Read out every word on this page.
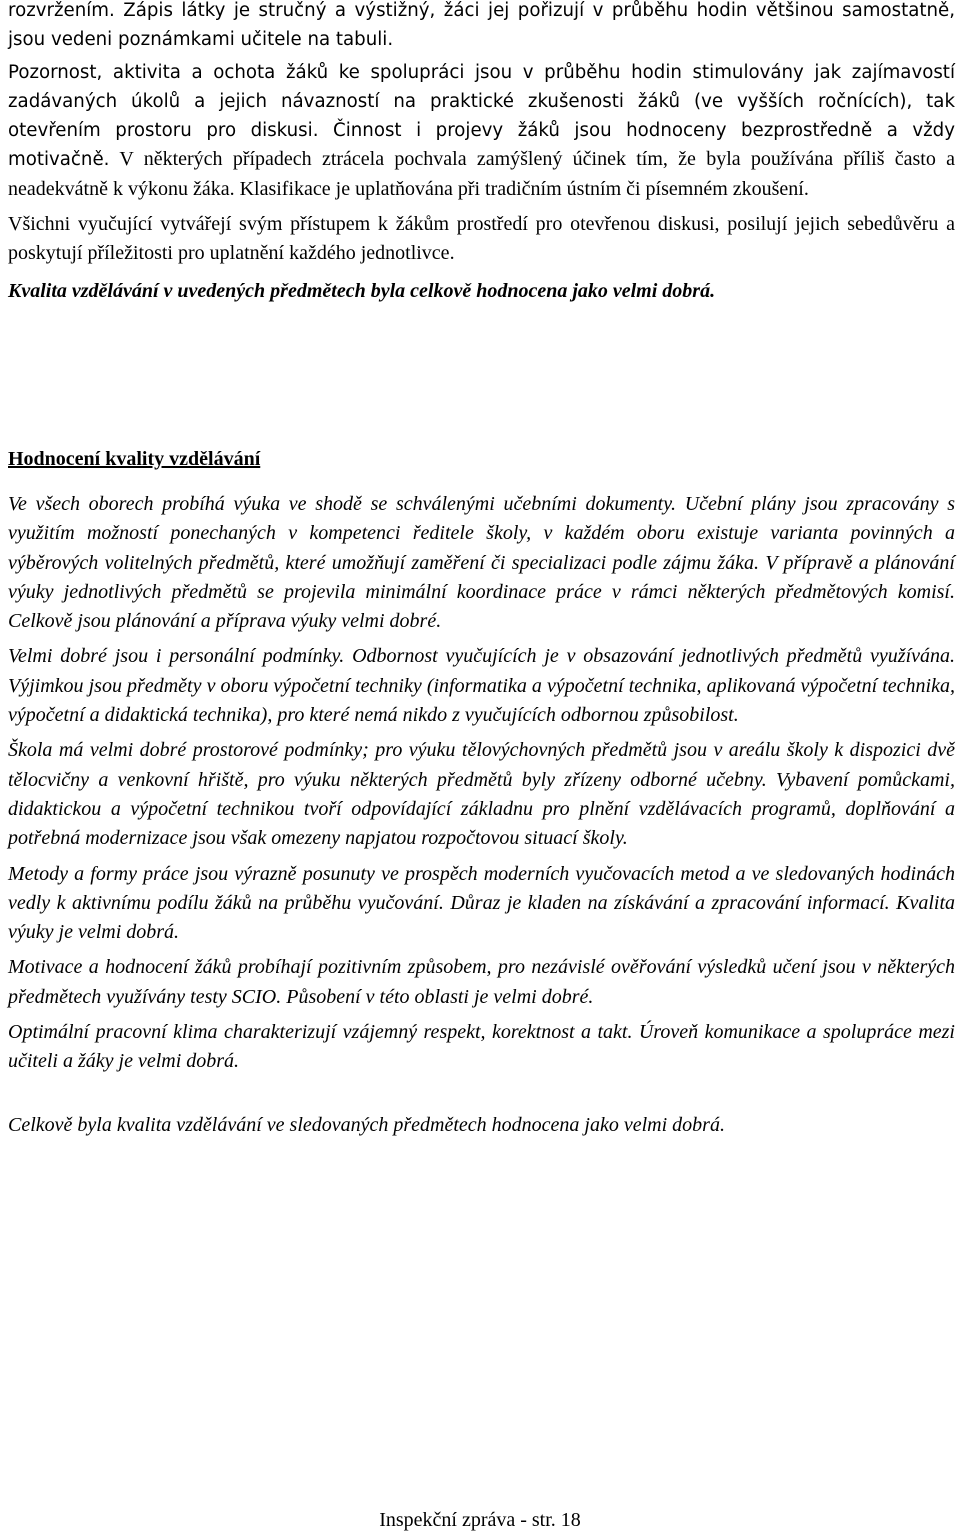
rozvržením. Zápis látky je stručný a výstižný, žáci jej pořizují v průběhu hodin většinou samostatně, jsou vedeni poznámkami učitele na tabuli.

Pozornost, aktivita a ochota žáků ke spolupráci jsou v průběhu hodin stimulovány jak zajímavostí zadávaných úkolů a jejich návazností na praktické zkušenosti žáků (ve vyšších ročnících), tak otevřením prostoru pro diskusi. Činnost i projevy žáků jsou hodnoceny bezprostředně a vždy motivačně. V některých případech ztrácela pochvala zamýšlený účinek tím, že byla používána příliš často a neadekvátně k výkonu žáka. Klasifikace je uplatňována při tradičním ústním či písemném zkoušení.

Všichni vyučující vytvářejí svým přístupem k žákům prostředí pro otevřenou diskusi, posilují jejich sebedůvěru a poskytují příležitosti pro uplatnění každého jednotlivce.

Kvalita vzdělávání v uvedených předmětech byla celkově hodnocena jako velmi dobrá.

Hodnocení kvality vzdělávání

Ve všech oborech probíhá výuka ve shodě se schválenými učebními dokumenty. Učební plány jsou zpracovány s využitím možností ponechaných v kompetenci ředitele školy, v každém oboru existuje varianta povinných a výběrových volitelných předmětů, které umožňují zaměření či specializaci podle zájmu žáka. V přípravě a plánování výuky jednotlivých předmětů se projevila minimální koordinace práce v rámci některých předmětových komisí. Celkově jsou plánování a příprava výuky velmi dobré.

Velmi dobré jsou i personální podmínky. Odbornost vyučujících je v obsazování jednotlivých předmětů využívána. Výjimkou jsou předměty v oboru výpočetní techniky (informatika a výpočetní technika, aplikovaná výpočetní technika, výpočetní a didaktická technika), pro které nemá nikdo z vyučujících odbornou způsobilost.

Škola má velmi dobré prostorové podmínky; pro výuku tělovýchovných předmětů jsou v areálu školy k dispozici dvě tělocvičny a venkovní hřiště, pro výuku některých předmětů byly zřízeny odborné učebny. Vybavení pomůckami, didaktickou a výpočetní technikou tvoří odpovídající základnu pro plnění vzdělávacích programů, doplňování a potřebná modernizace jsou však omezeny napjatou rozpočtovou situací školy.

Metody a formy práce jsou výrazně posunuty ve prospěch moderních vyučovacích metod a ve sledovaných hodinách vedly k aktivnímu podílu žáků na průběhu vyučování. Důraz je kladen na získávání a zpracování informací. Kvalita výuky je velmi dobrá.

Motivace a hodnocení žáků probíhají pozitivním způsobem, pro nezávislé ověřování výsledků učení jsou v některých předmětech využívány testy SCIO. Působení v této oblasti je velmi dobré.

Optimální pracovní klima charakterizují vzájemný respekt, korektnost a takt. Úroveň komunikace a spolupráce mezi učiteli a žáky je velmi dobrá.

Celkově byla kvalita vzdělávání ve sledovaných předmětech hodnocena jako velmi dobrá.

Inspekční zpráva - str. 18
